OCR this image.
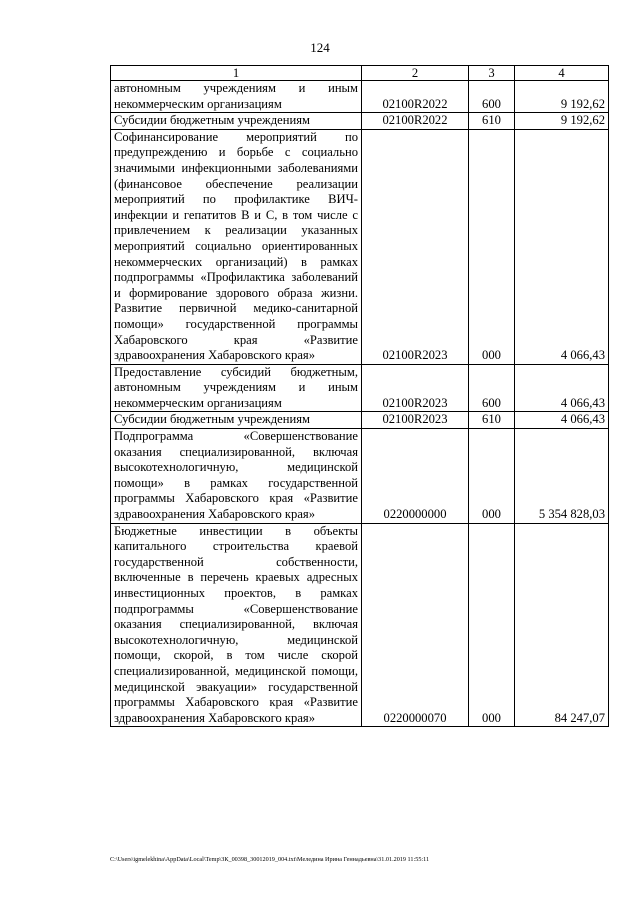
124
1	2	3	4
автономным учреждениям и иным некоммерческим организациям	02100R2022	600	9 192,62
Субсидии бюджетным учреждениям	02100R2022	610	9 192,62
Софинансирование мероприятий по предупреждению и борьбе с социально значимыми инфекционными заболеваниями (финансовое обеспечение реализации мероприятий по профилактике ВИЧ-инфекции и гепатитов В и С, в том числе с привлечением к реализации указанных мероприятий социально ориентированных некоммерческих организаций) в рамках подпрограммы «Профилактика заболеваний и формирование здорового образа жизни. Развитие первичной медико-санитарной помощи» государственной программы Хабаровского края «Развитие здравоохранения Хабаровского края»	02100R2023	000	4 066,43
Предоставление субсидий бюджетным, автономным учреждениям и иным некоммерческим организациям	02100R2023	600	4 066,43
Субсидии бюджетным учреждениям	02100R2023	610	4 066,43
Подпрограмма «Совершенствование оказания специализированной, включая высокотехнологичную, медицинской помощи» в рамках государственной программы Хабаровского края «Развитие здравоохранения Хабаровского края»	0220000000	000	5 354 828,03
Бюджетные инвестиции в объекты капитального строительства краевой государственной собственности, включенные в перечень краевых адресных инвестиционных проектов, в рамках подпрограммы «Совершенствование оказания специализированной, включая высокотехнологичную, медицинской помощи, скорой, в том числе скорой специализированной, медицинской помощи, медицинской эвакуации» государственной программы Хабаровского края «Развитие здравоохранения Хабаровского края»	0220000070	000	84 247,07
C:\Users\igmelekhina\AppData\Local\Temp\ЗК_00398_30012019_004.txt\Меледина Ирина Геннадьевна\31.01.2019 11:55:11
